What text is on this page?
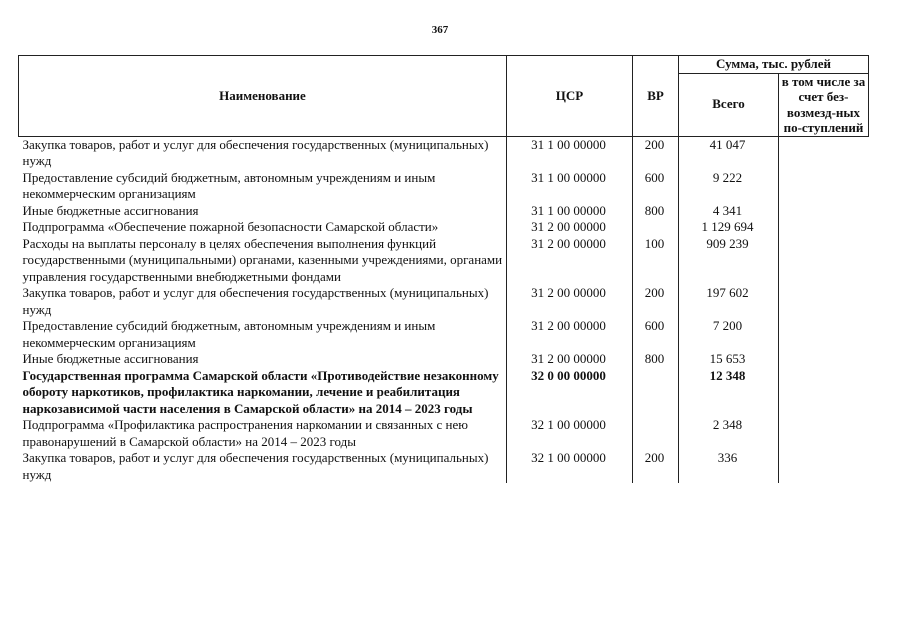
367
Наименование	ЦСР	ВР	Сумма, тыс. рублей	
			Всего	в том числе за счет без-возмезд-ных по-ступлений
Закупка товаров, работ и услуг для обеспечения государственных (муниципальных) нужд	31 1 00 00000	200	41 047	
Предоставление субсидий бюджетным, автономным учреждениям и иным некоммерческим организациям	31 1 00 00000	600	9 222	
Иные бюджетные ассигнования	31 1 00 00000	800	4 341	
Подпрограмма «Обеспечение пожарной безопасности Самарской области»	31 2 00 00000		1 129 694	
Расходы на выплаты персоналу в целях обеспечения выполнения функций государственными (муниципальными) органами, казенными учреждениями, органами управления государственными внебюджетными фондами	31 2 00 00000	100	909 239	
Закупка товаров, работ и услуг для обеспечения государственных (муниципальных) нужд	31 2 00 00000	200	197 602	
Предоставление субсидий бюджетным, автономным учреждениям и иным некоммерческим организациям	31 2 00 00000	600	7 200	
Иные бюджетные ассигнования	31 2 00 00000	800	15 653	
Государственная программа Самарской области «Противодействие незаконному обороту наркотиков, профилактика наркомании, лечение и реабилитация наркозависимой части населения в Самарской области» на 2014 – 2023 годы	32 0 00 00000		12 348	
Подпрограмма «Профилактика распространения наркомании и связанных с нею правонарушений в Самарской области» на 2014 – 2023 годы	32 1 00 00000		2 348	
Закупка товаров, работ и услуг для обеспечения государственных (муниципальных) нужд	32 1 00 00000	200	336	
